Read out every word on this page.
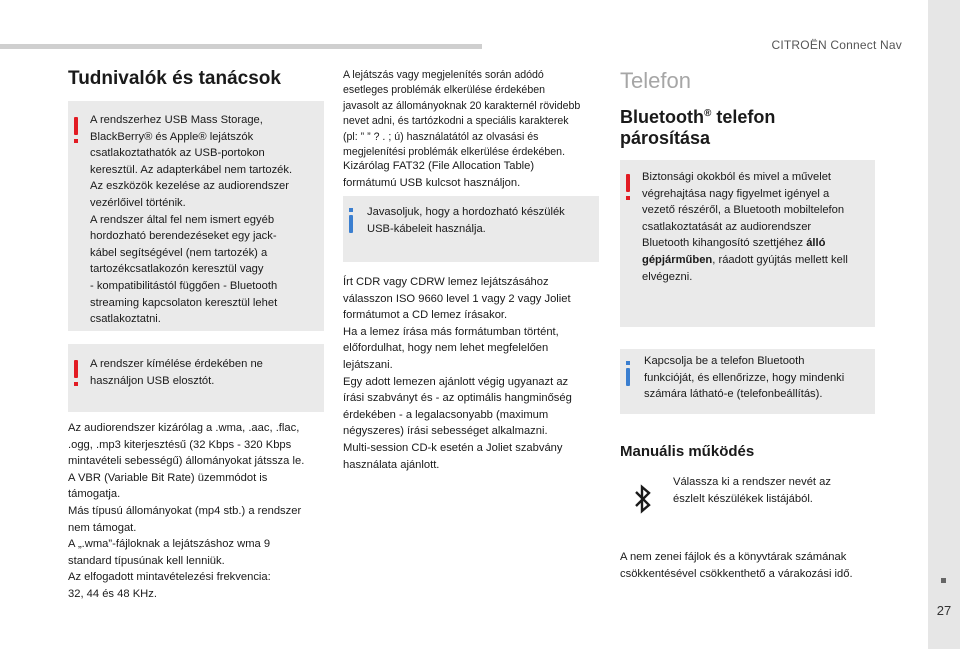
CITROËN Connect Nav
27
Tudnivalók és tanácsok
A rendszerhez USB Mass Storage,
BlackBerry® és Apple® lejátszók
csatlakoztathatók az USB-portokon
keresztül. Az adapterkábel nem tartozék.
Az eszközök kezelése az audiorendszer
vezérlőivel történik.
A rendszer által fel nem ismert egyéb
hordozható berendezéseket egy jack-
kábel segítségével (nem tartozék) a
tartozékcsatlakozón keresztül vagy
- kompatibilitástól függően - Bluetooth
streaming kapcsolaton keresztül lehet
csatlakoztatni.
A rendszer kímélése érdekében ne
használjon USB elosztót.
Az audiorendszer kizárólag a .wma, .aac, .flac,
.ogg, .mp3 kiterjesztésű (32 Kbps - 320 Kbps
mintavételi sebességű) állományokat játssza le.
A VBR (Variable Bit Rate) üzemmódot is
támogatja.
Más típusú állományokat (mp4 stb.) a rendszer
nem támogat.
A „.wma”-fájloknak a lejátszáshoz wma 9
standard típusúnak kell lenniük.
Az elfogadott mintavételezési frekvencia:
32, 44 és 48 KHz.
A lejátszás vagy megjelenítés során adódó
esetleges problémák elkerülése érdekében
javasolt az állományoknak 20 karakternél rövidebb
nevet adni, és tartózkodni a speciális karakterek
(pl: ” ” ? . ; ú) használatától az olvasási és
megjelenítési problémák elkerülése érdekében.
Kizárólag FAT32 (File Allocation Table)
formátumú USB kulcsot használjon.
Javasoljuk, hogy a hordozható készülék
USB-kábeleit használja.
Írt CDR vagy CDRW lemez lejátszásához
válasszon ISO 9660 level 1 vagy 2 vagy Joliet
formátumot a CD lemez írásakor.
Ha a lemez írása más formátumban történt,
előfordulhat, hogy nem lehet megfelelően
lejátszani.
Egy adott lemezen ajánlott végig ugyanazt az
írási szabványt és - az optimális hangminőség
érdekében - a legalacsonyabb (maximum
négyszeres) írási sebességet alkalmazni.
Multi-session CD-k esetén a Joliet szabvány
használata ajánlott.
Telefon
Bluetooth® telefon
párosítása
Biztonsági okokból és mivel a művelet
végrehajtása nagy figyelmet igényel a
vezető részéről, a Bluetooth mobiltelefon
csatlakoztatását az audiorendszer
Bluetooth kihangosító szettjéhez álló
gépjárműben, ráadott gyújtás mellett kell
elvégezni.
Kapcsolja be a telefon Bluetooth
funkcióját, és ellenőrizze, hogy mindenki
számára látható-e (telefonbeállítás).
Manuális működés
Válassza ki a rendszer nevét az
észlelt készülékek listájából.
A nem zenei fájlok és a könyvtárak számának
csökkentésével csökkenthető a várakozási idő.
